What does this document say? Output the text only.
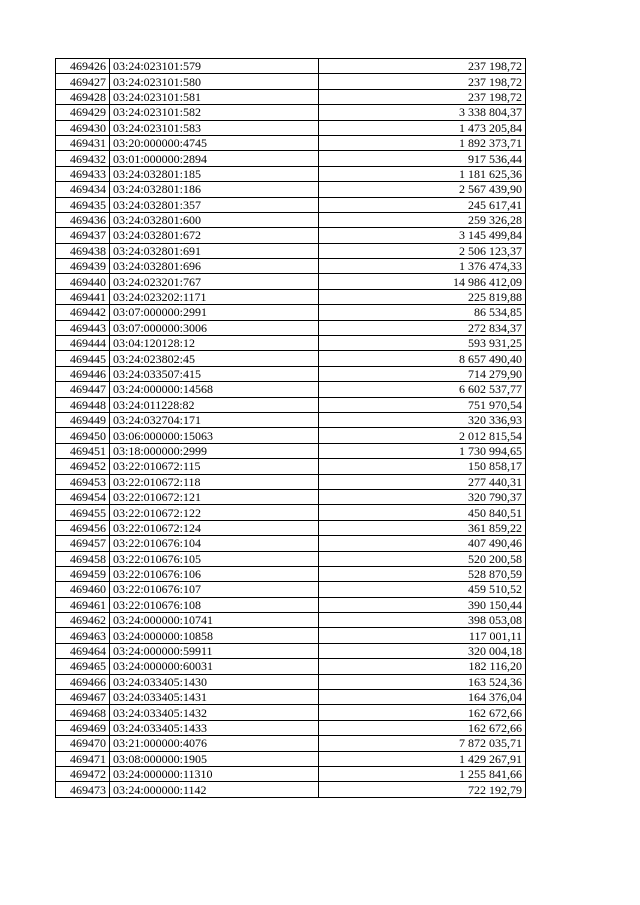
469426	03:24:023101:579	237 198,72
469427	03:24:023101:580	237 198,72
469428	03:24:023101:581	237 198,72
469429	03:24:023101:582	3 338 804,37
469430	03:24:023101:583	1 473 205,84
469431	03:20:000000:4745	1 892 373,71
469432	03:01:000000:2894	917 536,44
469433	03:24:032801:185	1 181 625,36
469434	03:24:032801:186	2 567 439,90
469435	03:24:032801:357	245 617,41
469436	03:24:032801:600	259 326,28
469437	03:24:032801:672	3 145 499,84
469438	03:24:032801:691	2 506 123,37
469439	03:24:032801:696	1 376 474,33
469440	03:24:023201:767	14 986 412,09
469441	03:24:023202:1171	225 819,88
469442	03:07:000000:2991	86 534,85
469443	03:07:000000:3006	272 834,37
469444	03:04:120128:12	593 931,25
469445	03:24:023802:45	8 657 490,40
469446	03:24:033507:415	714 279,90
469447	03:24:000000:14568	6 602 537,77
469448	03:24:011228:82	751 970,54
469449	03:24:032704:171	320 336,93
469450	03:06:000000:15063	2 012 815,54
469451	03:18:000000:2999	1 730 994,65
469452	03:22:010672:115	150 858,17
469453	03:22:010672:118	277 440,31
469454	03:22:010672:121	320 790,37
469455	03:22:010672:122	450 840,51
469456	03:22:010672:124	361 859,22
469457	03:22:010676:104	407 490,46
469458	03:22:010676:105	520 200,58
469459	03:22:010676:106	528 870,59
469460	03:22:010676:107	459 510,52
469461	03:22:010676:108	390 150,44
469462	03:24:000000:10741	398 053,08
469463	03:24:000000:10858	117 001,11
469464	03:24:000000:59911	320 004,18
469465	03:24:000000:60031	182 116,20
469466	03:24:033405:1430	163 524,36
469467	03:24:033405:1431	164 376,04
469468	03:24:033405:1432	162 672,66
469469	03:24:033405:1433	162 672,66
469470	03:21:000000:4076	7 872 035,71
469471	03:08:000000:1905	1 429 267,91
469472	03:24:000000:11310	1 255 841,66
469473	03:24:000000:1142	722 192,79
